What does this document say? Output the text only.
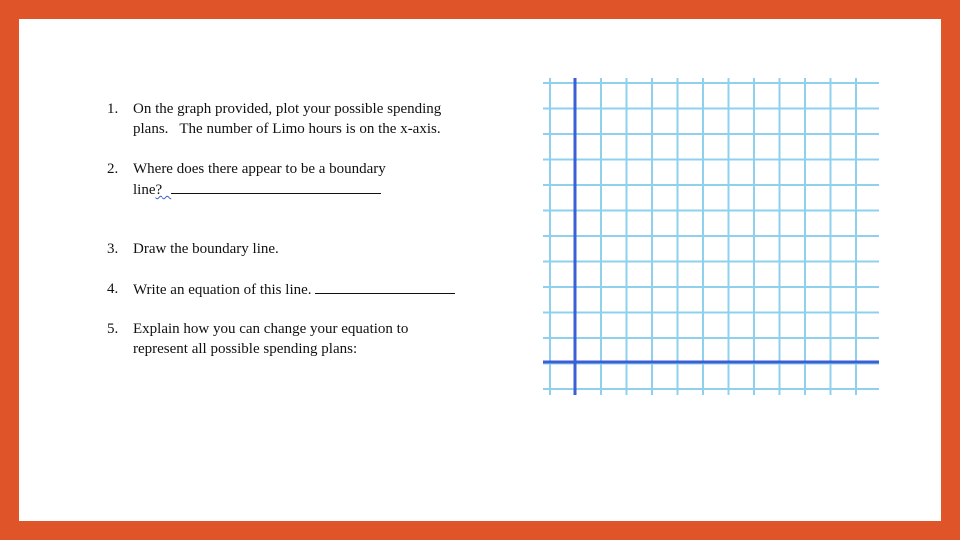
1. On the graph provided, plot your possible spending
plans.   The number of Limo hours is on the x-axis.
2. Where does there appear to be a boundary
line?   
3. Draw the boundary line.
4. Write an equation of this line.
5. Explain how you can change your equation to
represent all possible spending plans:
